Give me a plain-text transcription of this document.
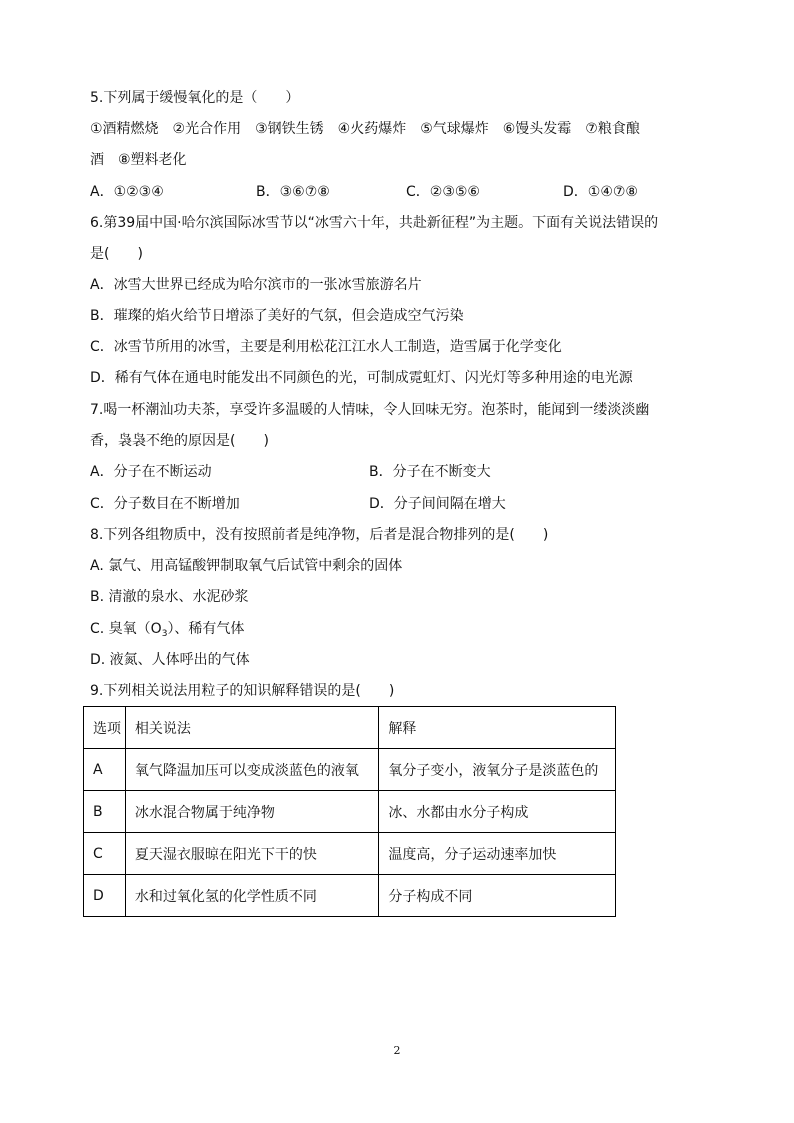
5.下列属于缓慢氧化的是（　　）
①酒精燃烧　②光合作用　③钢铁生锈　④火药爆炸　⑤气球爆炸　⑥馒头发霉　⑦粮食酿
酒　⑧塑料老化
A．①②③④	B．③⑥⑦⑧	C．②③⑤⑥	D．①④⑦⑧
6.第39届中国·哈尔滨国际冰雪节以“冰雪六十年，共赴新征程”为主题。下面有关说法错误的
是(　　)
A．冰雪大世界已经成为哈尔滨市的一张冰雪旅游名片
B．璀璨的焰火给节日增添了美好的气氛，但会造成空气污染
C．冰雪节所用的冰雪，主要是利用松花江江水人工制造，造雪属于化学变化
D．稀有气体在通电时能发出不同颜色的光，可制成霓虹灯、闪光灯等多种用途的电光源
7.喝一杯潮汕功夫茶，享受许多温暖的人情味，令人回味无穷。泡茶时，能闻到一缕淡淡幽
香，袅袅不绝的原因是(　　)
A．分子在不断运动	B．分子在不断变大
C．分子数目在不断增加	D．分子间间隔在增大
8.下列各组物质中，没有按照前者是纯净物，后者是混合物排列的是(　　)
A. 氯气、用高锰酸钾制取氧气后试管中剩余的固体
B. 清澈的泉水、水泥砂浆
C. 臭氧$(O_3)$、稀有气体
D. 液氮、人体呼出的气体
9.下列相关说法用粒子的知识解释错误的是(　　)
选项	相关说法	解释
A	氧气降温加压可以变成淡蓝色的液氧	氧分子变小，液氧分子是淡蓝色的
B	冰水混合物属于纯净物	冰、水都由水分子构成
C	夏天湿衣服晾在阳光下干的快	温度高，分子运动速率加快
D	水和过氧化氢的化学性质不同	分子构成不同
2
